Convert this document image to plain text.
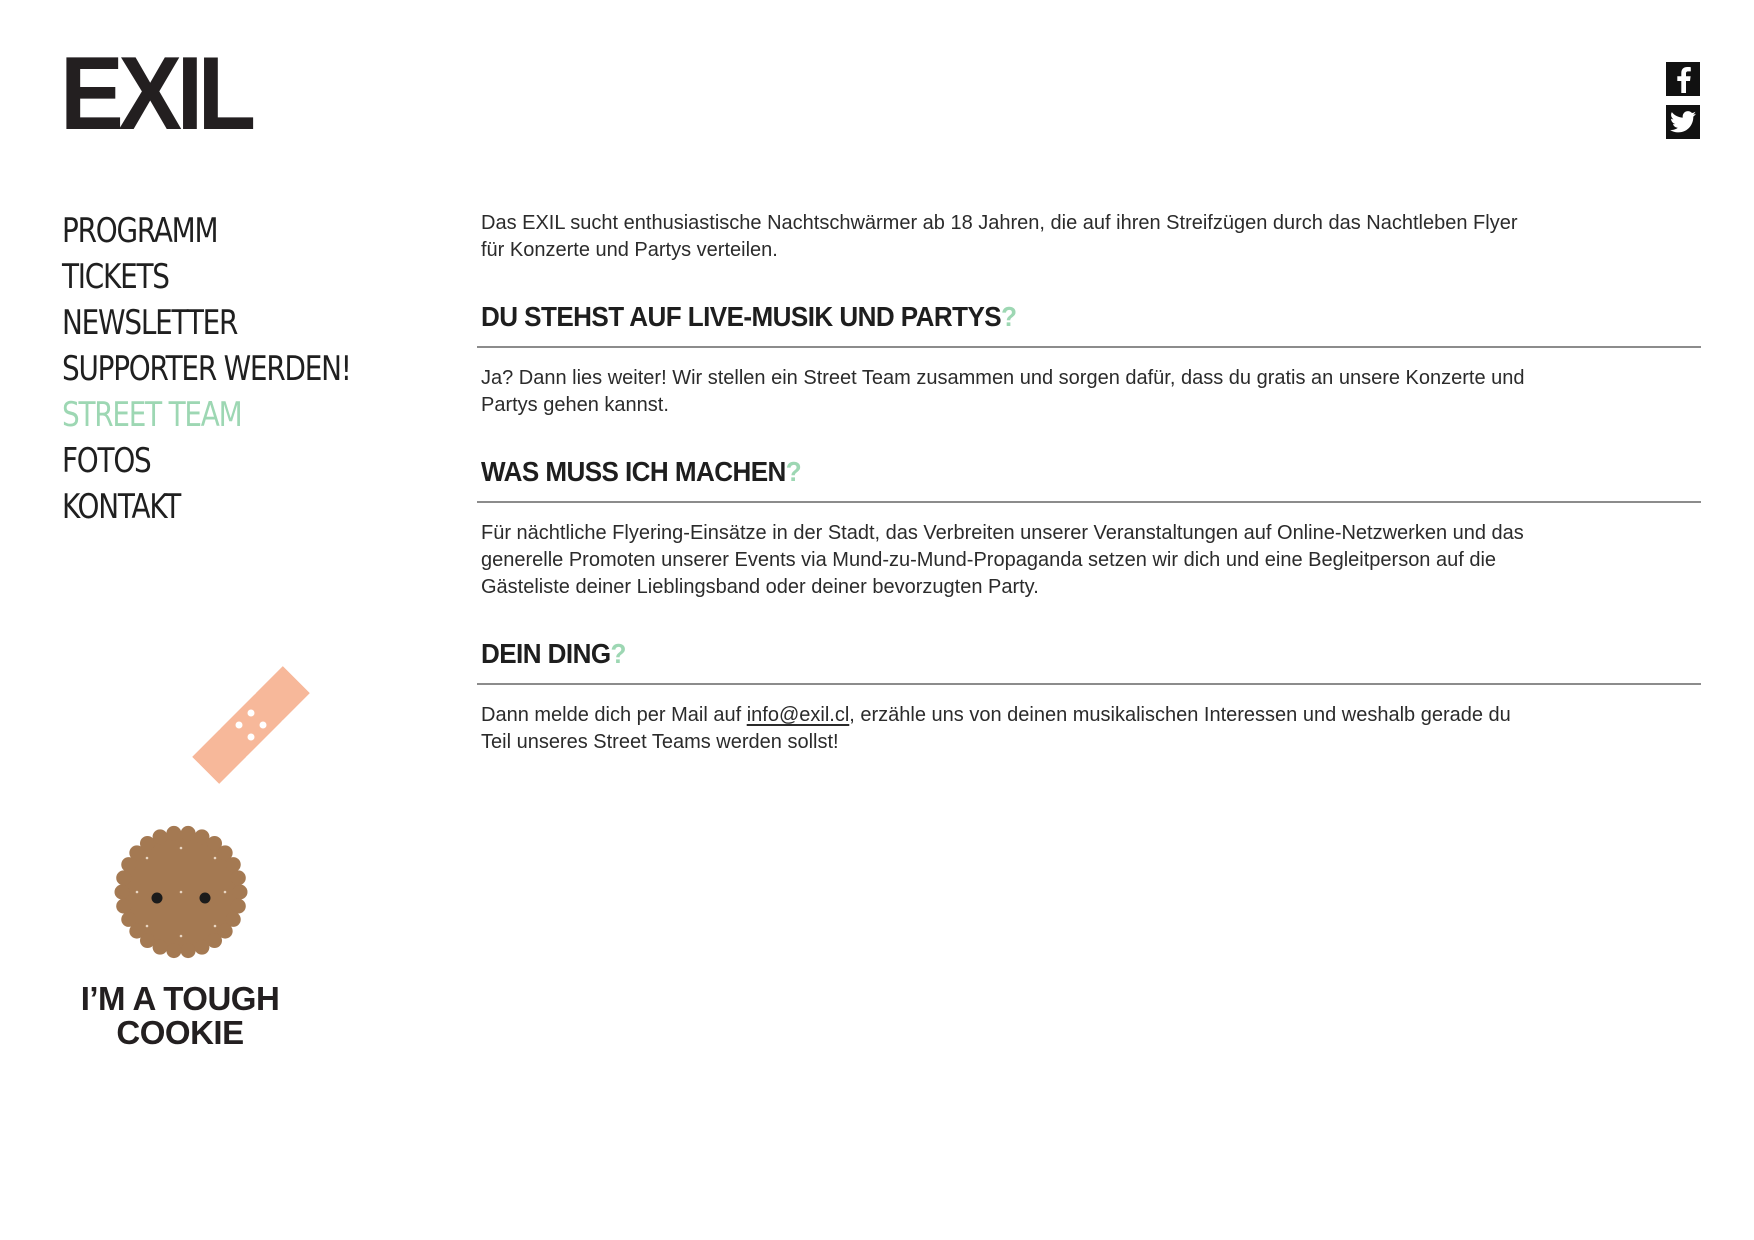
EXIL
PROGRAMM
TICKETS
NEWSLETTER
SUPPORTER WERDEN!
STREET TEAM
FOTOS
KONTAKT

Das EXIL sucht enthusiastische Nachtschwärmer ab 18 Jahren, die auf ihren Streifzügen durch das Nachtleben Flyer für Konzerte und Partys verteilen.

DU STEHST AUF LIVE-MUSIK UND PARTYS?

Ja? Dann lies weiter! Wir stellen ein Street Team zusammen und sorgen dafür, dass du gratis an unsere Konzerte und Partys gehen kannst.

WAS MUSS ICH MACHEN?

Für nächtliche Flyering-Einsätze in der Stadt, das Verbreiten unserer Veranstaltungen auf Online-Netzwerken und das generelle Promoten unserer Events via Mund-zu-Mund-Propaganda setzen wir dich und eine Begleitperson auf die Gästeliste deiner Lieblingsband oder deiner bevorzugten Party.

DEIN DING?

Dann melde dich per Mail auf info@exil.cl, erzähle uns von deinen musikalischen Interessen und weshalb gerade du Teil unseres Street Teams werden sollst!

I’M A TOUGH
COOKIE
